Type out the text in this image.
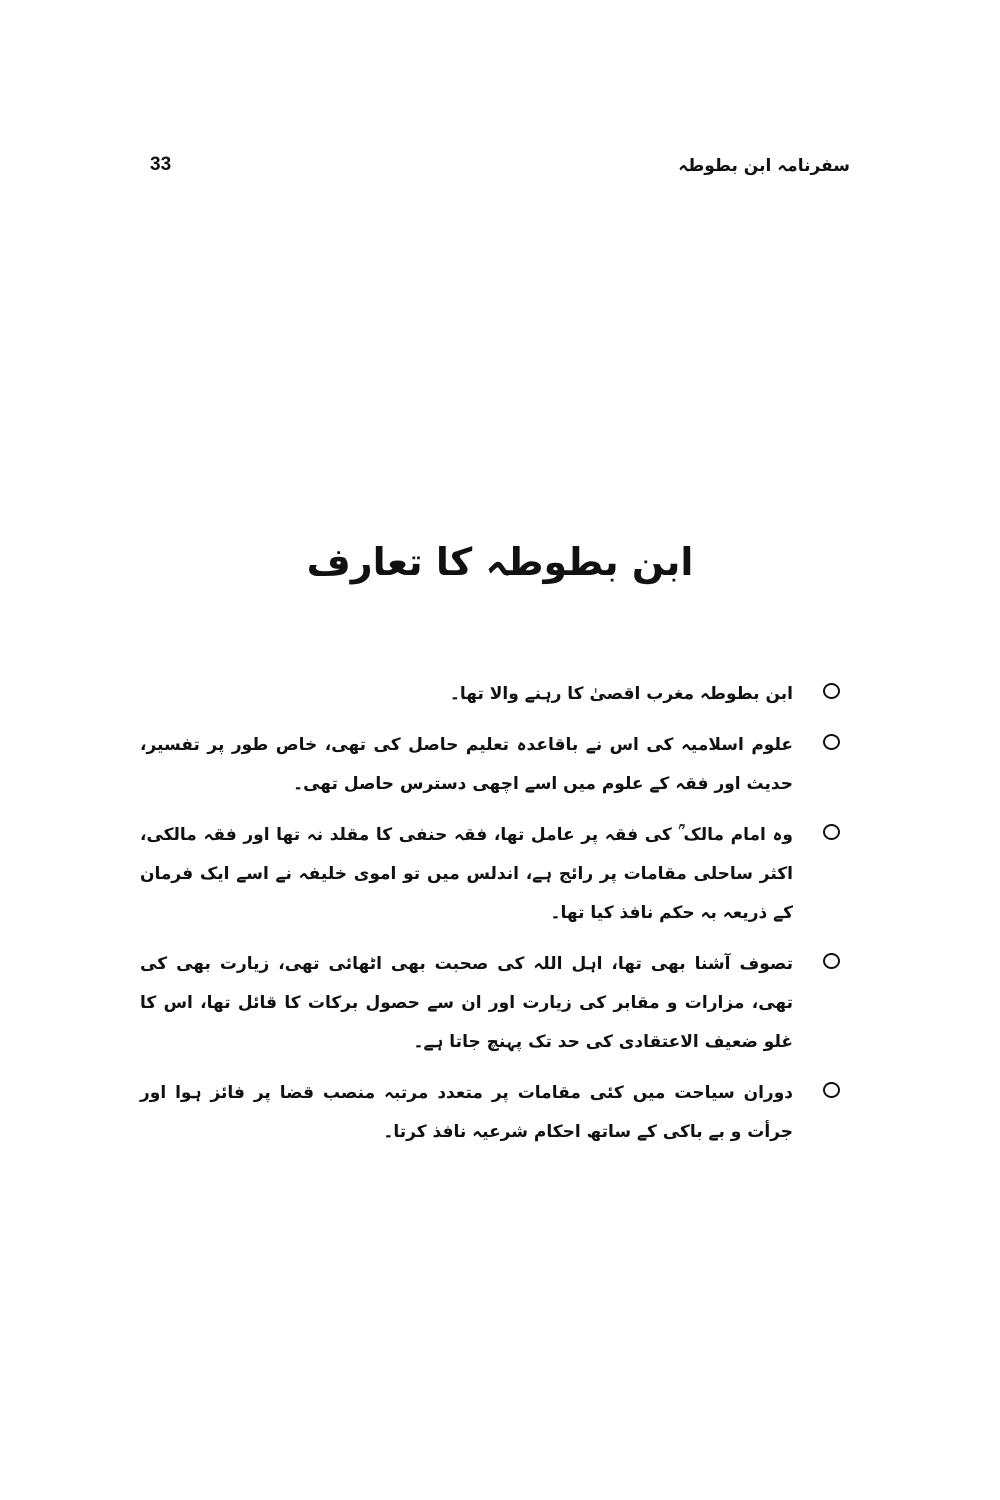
33	سفرنامہ ابن بطوطہ
ابن بطوطہ کا تعارف
ابن بطوطہ مغرب اقصیٰ کا رہنے والا تھا۔
علوم اسلامیہ کی اس نے باقاعدہ تعلیم حاصل کی تھی، خاص طور پر تفسیر، حدیث اور فقہ کے علوم میں اسے اچھی دسترس حاصل تھی۔
وہ امام مالک ؒ کی فقہ پر عامل تھا، فقہ حنفی کا مقلد نہ تھا اور فقہ مالکی، اکثر ساحلی مقامات پر رائج ہے، اندلس میں تو اموی خلیفہ نے اسے ایک فرمان کے ذریعہ بہ حکم نافذ کیا تھا۔
تصوف آشنا بھی تھا، اہل اللہ کی صحبت بھی اٹھائی تھی، زیارت بھی کی تھی، مزارات و مقابر کی زیارت اور ان سے حصول برکات کا قائل تھا، اس کا غلو ضعیف الاعتقادی کی حد تک پہنچ جاتا ہے۔
دوران سیاحت میں کئی مقامات پر متعدد مرتبہ منصب قضا پر فائز ہوا اور جرأت و بے باکی کے ساتھ احکام شرعیہ نافذ کرتا۔
